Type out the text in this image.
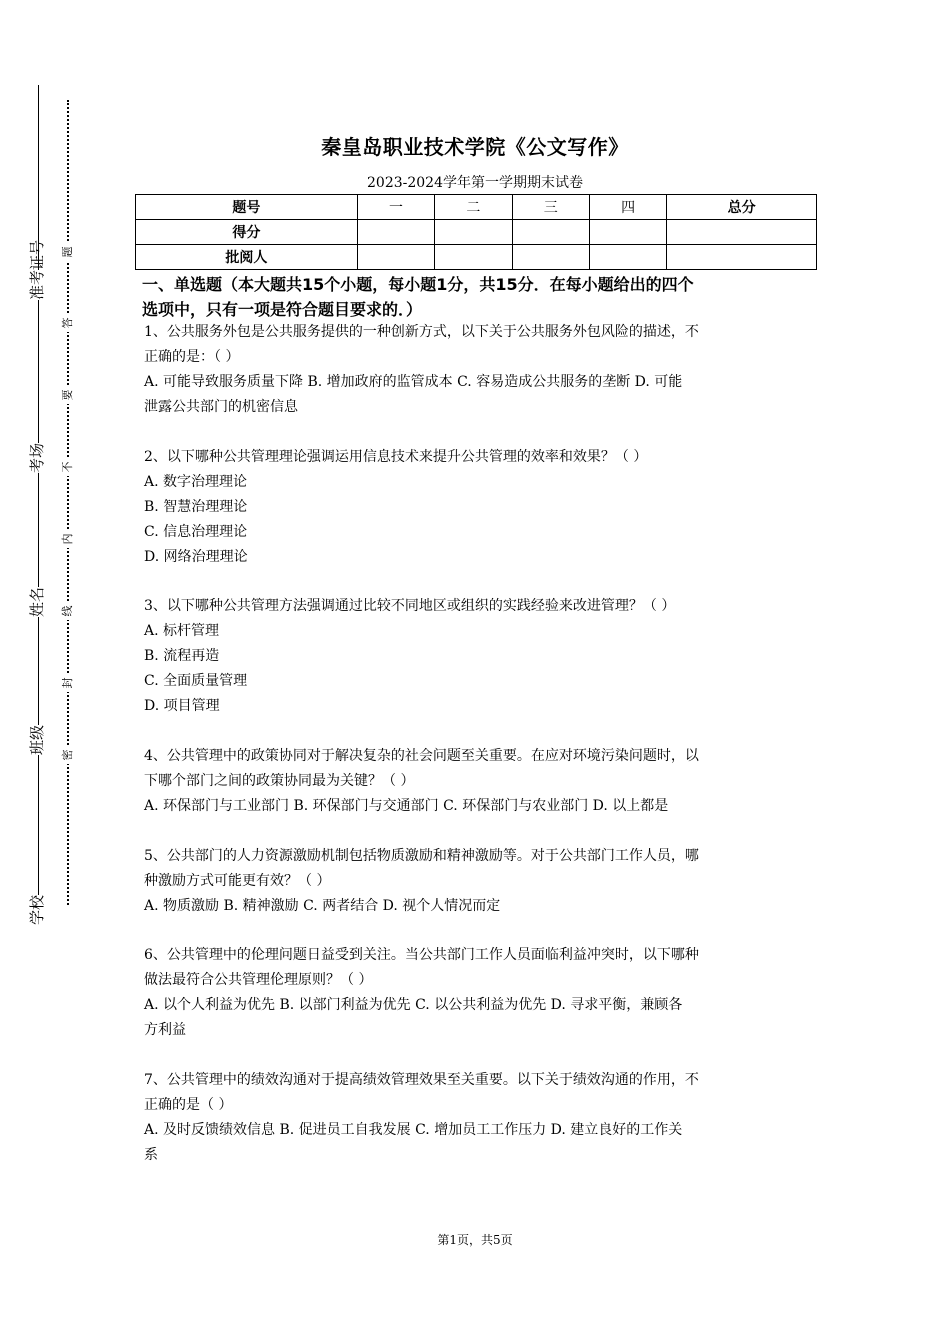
准考证号
考场
姓名
班级
学校
题
答
要
不
内
线
封
密
秦皇岛职业技术学院《公文写作》
2023-2024学年第一学期期末试卷
题号	一	二	三	四	总分
得分					
批阅人					
一、单选题（本大题共15个小题，每小题1分，共15分．在每小题给出的四个
选项中，只有一项是符合题目要求的．）

1、公共服务外包是公共服务提供的一种创新方式，以下关于公共服务外包风险的描述，不

正确的是：（ ）

A. 可能导致服务质量下降 B. 增加政府的监管成本 C. 容易造成公共服务的垄断 D. 可能

泄露公共部门的机密信息

2、以下哪种公共管理理论强调运用信息技术来提升公共管理的效率和效果？（ ）

A. 数字治理理论

B. 智慧治理理论

C. 信息治理理论

D. 网络治理理论

3、以下哪种公共管理方法强调通过比较不同地区或组织的实践经验来改进管理？（ ）

A. 标杆管理

B. 流程再造

C. 全面质量管理

D. 项目管理

4、公共管理中的政策协同对于解决复杂的社会问题至关重要。在应对环境污染问题时，以

下哪个部门之间的政策协同最为关键？（ ）

A. 环保部门与工业部门 B. 环保部门与交通部门 C. 环保部门与农业部门 D. 以上都是

5、公共部门的人力资源激励机制包括物质激励和精神激励等。对于公共部门工作人员，哪

种激励方式可能更有效？（ ）

A. 物质激励 B. 精神激励 C. 两者结合 D. 视个人情况而定

6、公共管理中的伦理问题日益受到关注。当公共部门工作人员面临利益冲突时，以下哪种

做法最符合公共管理伦理原则？（ ）

A. 以个人利益为优先 B. 以部门利益为优先 C. 以公共利益为优先 D. 寻求平衡，兼顾各

方利益

7、公共管理中的绩效沟通对于提高绩效管理效果至关重要。以下关于绩效沟通的作用，不

正确的是（ ）

A. 及时反馈绩效信息 B. 促进员工自我发展 C. 增加员工工作压力 D. 建立良好的工作关

系

第1页，共5页
